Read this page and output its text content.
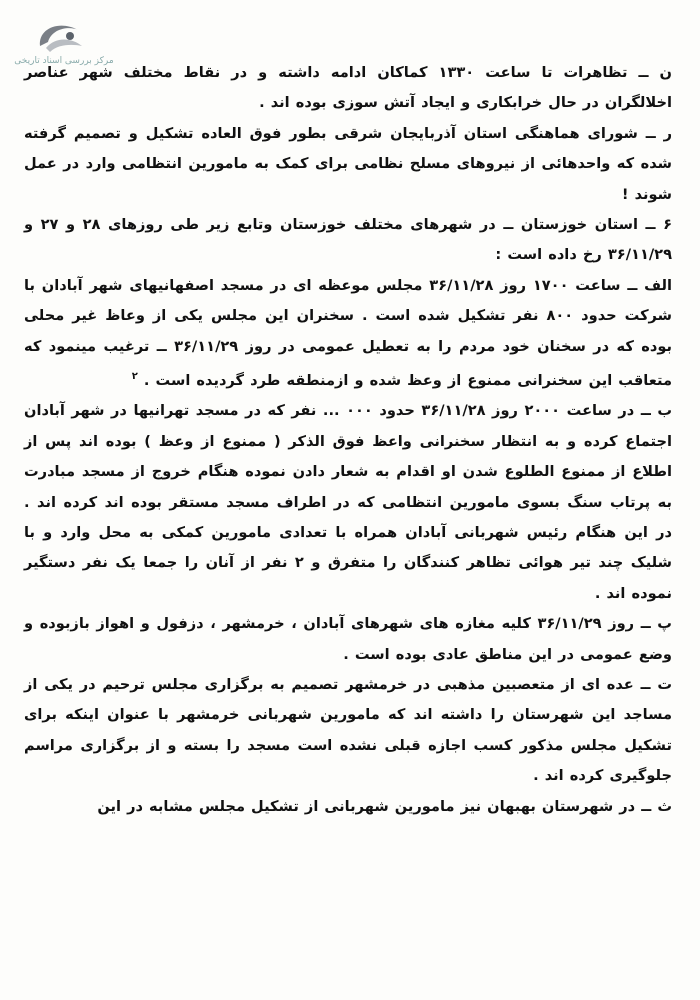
مرکز بررسی اسناد تاریخی

ن ــ تظاهرات تا ساعت ۱۳۳۰ کماکان ادامه داشته و در نقاط مختلف شهر عناصر اخلالگران در حال خرابکاری و ایجاد آتش سوزی بوده اند .

ر ــ شورای هماهنگی استان آذربایجان شرقی بطور فوق العاده تشکیل و تصمیم گرفته شده که واحدهائی از نیروهای مسلح نظامی برای کمک به مامورین انتظامی وارد در عمل شوند !

۶ ــ استان خوزستان ــ در شهرهای مختلف خوزستان وتابع زیر طی روزهای ۲۸ و ۲۷ و ۳۶/۱۱/۲۹ رخ داده است :

الف ــ ساعت ۱۷۰۰ روز ۳۶/۱۱/۲۸ مجلس موعظه ای در مسجد اصفهانیهای شهر آبادان با شرکت حدود ۸۰۰ نفر تشکیل شده است . سخنران این مجلس یکی از وعاظ غیر محلی بوده که در سخنان خود مردم را به تعطیل عمومی در روز ۳۶/۱۱/۲۹ ــ ترغیب مینمود که متعاقب این سخنرانی ممنوع از وعظ شده و ازمنطقه طرد گردیده است . $^۲$

ب ــ در ساعت ۲۰۰۰ روز ۳۶/۱۱/۲۸ حدود ۰۰۰ ... نفر که در مسجد تهرانیها در شهر آبادان اجتماع کرده و به انتظار سخنرانی واعظ فوق الذکر ( ممنوع از وعظ ) بوده اند پس از اطلاع از ممنوع الطلوع شدن او اقدام به شعار دادن نموده هنگام خروج از مسجد مبادرت به پرتاب سنگ بسوی مامورین انتظامی که در اطراف مسجد مستقر بوده اند کرده اند . در این هنگام رئیس شهربانی آبادان همراه با تعدادی مامورین کمکی به محل وارد و با شلیک چند تیر هوائی تظاهر کنندگان را متفرق و ۲ نفر از آنان را جمعا یک نفر دستگیر نموده اند .

پ ــ روز ۳۶/۱۱/۲۹ کلیه مغازه های شهرهای آبادان ، خرمشهر ، دزفول و اهواز بازبوده و وضع عمومی در این مناطق عادی بوده است .

ت ــ عده ای از متعصبین مذهبی در خرمشهر تصمیم به برگزاری مجلس ترحیم در یکی از مساجد این شهرستان را داشته اند که مامورین شهربانی خرمشهر با عنوان اینکه برای تشکیل مجلس مذکور کسب اجازه قبلی نشده است مسجد را بسته و از برگزاری مراسم جلوگیری کرده اند .

ث ــ در شهرستان بهبهان نیز مامورین شهربانی از تشکیل مجلس مشابه در این
